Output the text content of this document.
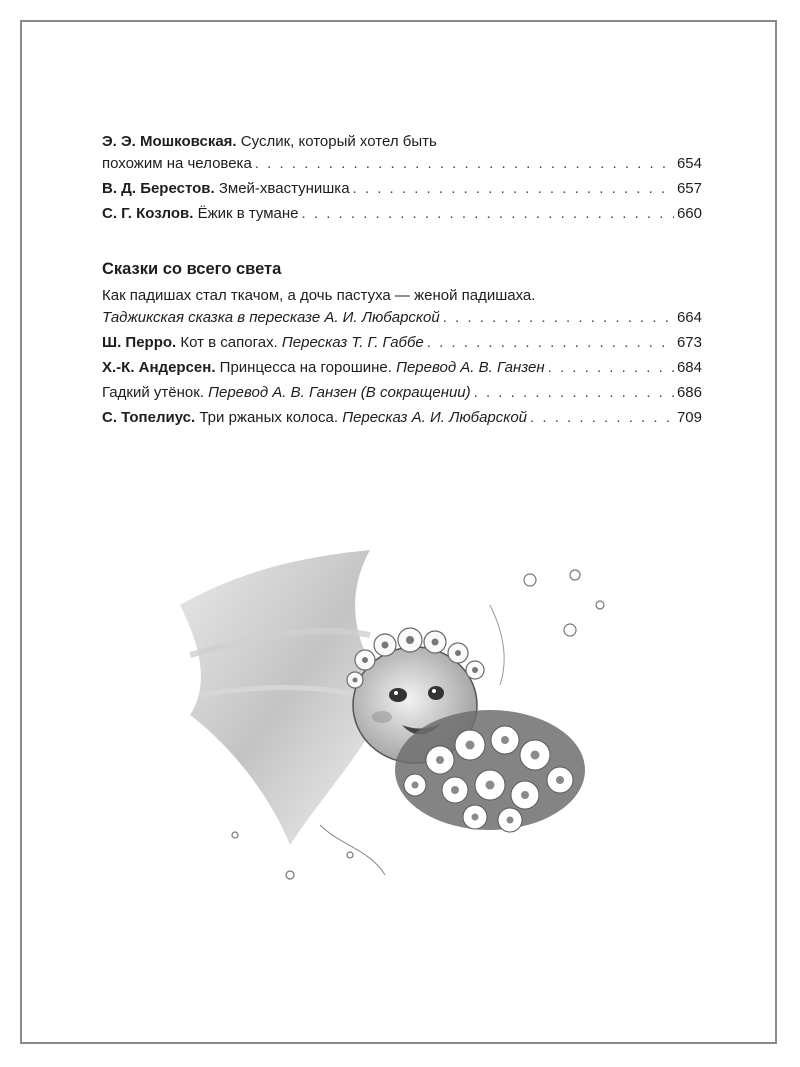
Э. Э. Мошковская. Суслик, который хотел быть
похожим на человека . . .	654
В. Д. Берестов. Змей-хвастунишка . . .	657
С. Г. Козлов. Ёжик в тумане . . .	660
Сказки со всего света
Как падишах стал ткачом, а дочь пастуха — женой падишаха.
Таджикская сказка в пересказе А. И. Любарской . . .	664
Ш. Перро. Кот в сапогах. Пересказ Т. Г. Габбе . . .	673
Х.-К. Андерсен. Принцесса на горошине. Перевод А. В. Ганзен . . .	684
Гадкий утёнок. Перевод А. В. Ганзен (В сокращении) . . .	686
С. Топелиус. Три ржаных колоса. Пересказ А. И. Любарской . . .	709
